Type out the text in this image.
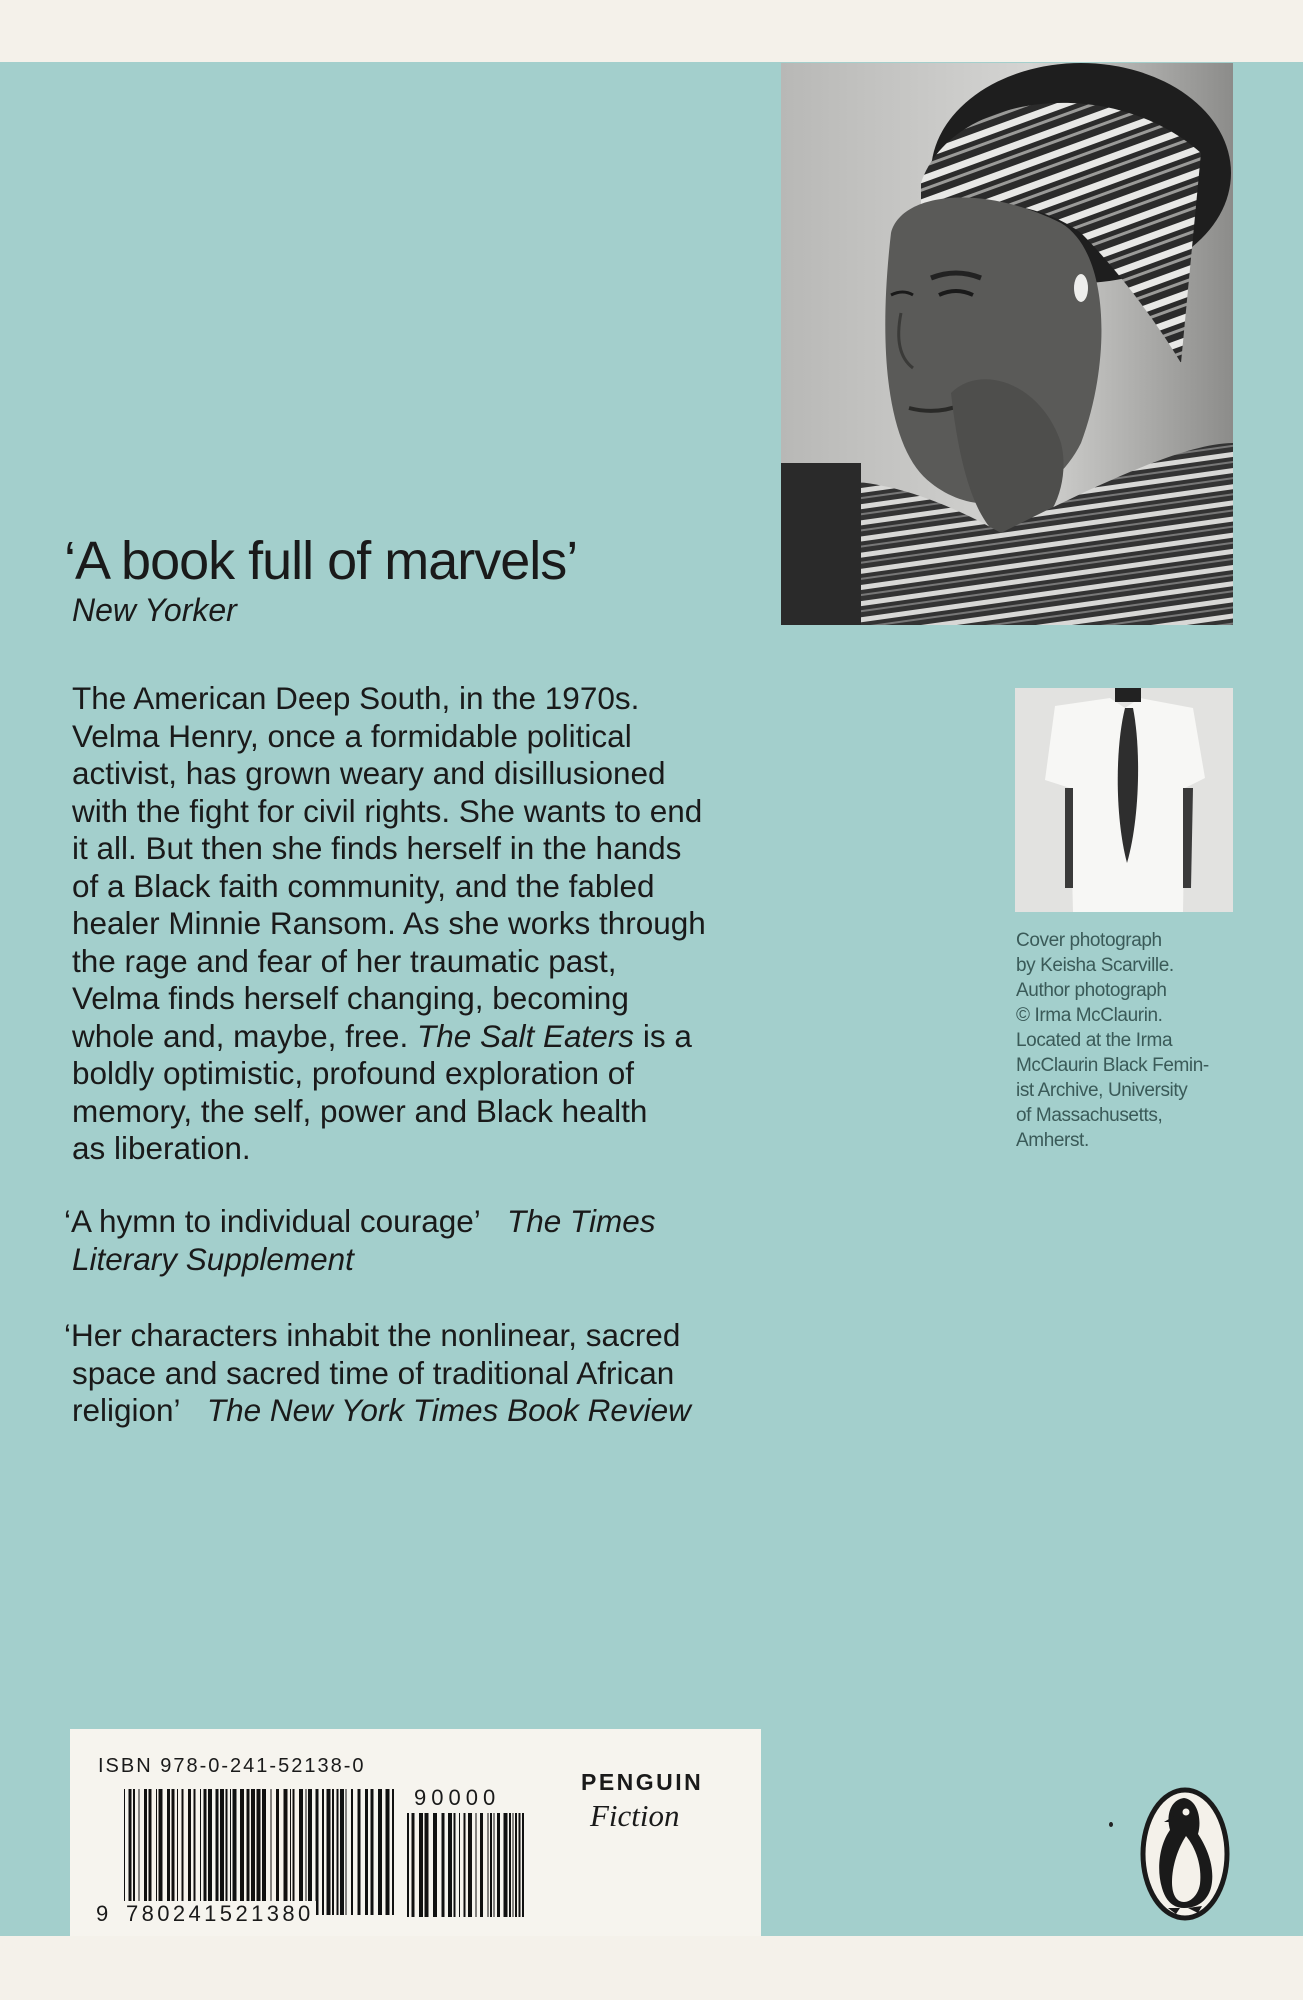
‘A book full of marvels’
New Yorker
The American Deep South, in the 1970s.
Velma Henry, once a formidable political
activist, has grown weary and disillusioned
with the fight for civil rights. She wants to end
it all. But then she finds herself in the hands
of a Black faith community, and the fabled
healer Minnie Ransom. As she works through
the rage and fear of her traumatic past,
Velma finds herself changing, becoming
whole and, maybe, free. The Salt Eaters is a
boldly optimistic, profound exploration of
memory, the self, power and Black health
as liberation.
‘A hymn to individual courage’ The Times
Literary Supplement
‘Her characters inhabit the nonlinear, sacred
space and sacred time of traditional African
religion’ The New York Times Book Review
Cover photograph
by Keisha Scarville.
Author photograph
© Irma McClaurin.
Located at the Irma
McClaurin Black Femin-
ist Archive, University
of Massachusetts,
Amherst.
ISBN 978-0-241-52138-0
90000
9 780241521380
PENGUIN
Fiction
